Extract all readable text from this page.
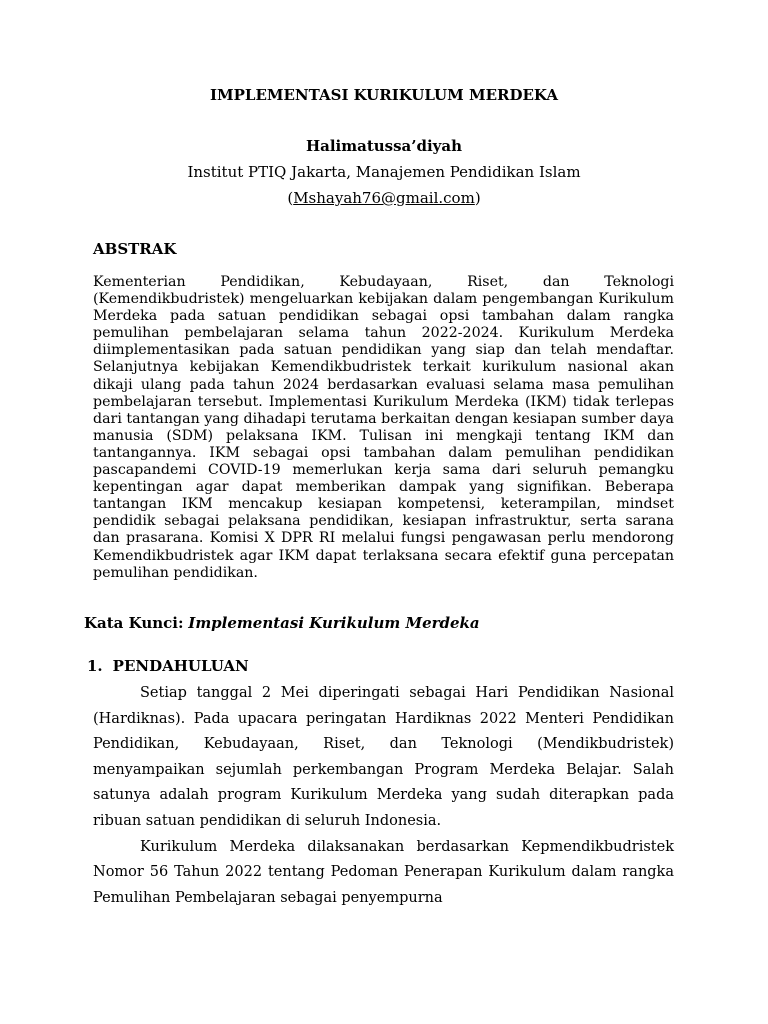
IMPLEMENTASI KURIKULUM MERDEKA
Halimatussa’diyah
Institut PTIQ Jakarta, Manajemen Pendidikan Islam
(Mshayah76@gmail.com)
ABSTRAK

Kementerian Pendidikan, Kebudayaan, Riset, dan Teknologi (Kemendikbudristek) mengeluarkan kebijakan dalam pengembangan Kurikulum Merdeka pada satuan pendidikan sebagai opsi tambahan dalam rangka pemulihan pembelajaran selama tahun 2022-2024. Kurikulum Merdeka diimplementasikan pada satuan pendidikan yang siap dan telah mendaftar. Selanjutnya kebijakan Kemendikbudristek terkait kurikulum nasional akan dikaji ulang pada tahun 2024 berdasarkan evaluasi selama masa pemulihan pembelajaran tersebut. Implementasi Kurikulum Merdeka (IKM) tidak terlepas dari tantangan yang dihadapi terutama berkaitan dengan kesiapan sumber daya manusia (SDM) pelaksana IKM. Tulisan ini mengkaji tentang IKM dan tantangannya. IKM sebagai opsi tambahan dalam pemulihan pendidikan pascapandemi COVID-19 memerlukan kerja sama dari seluruh pemangku kepentingan agar dapat memberikan dampak yang signifikan. Beberapa tantangan IKM mencakup kesiapan kompetensi, keterampilan, mindset pendidik sebagai pelaksana pendidikan, kesiapan infrastruktur, serta sarana dan prasarana. Komisi X DPR RI melalui fungsi pengawasan perlu mendorong Kemendikbudristek agar IKM dapat terlaksana secara efektif guna percepatan pemulihan pendidikan.

Kata Kunci: Implementasi Kurikulum Merdeka
1. PENDAHULUAN

Setiap tanggal 2 Mei diperingati sebagai Hari Pendidikan Nasional (Hardiknas). Pada upacara peringatan Hardiknas 2022 Menteri Pendidikan Pendidikan, Kebudayaan, Riset, dan Teknologi (Mendikbudristek) menyampaikan sejumlah perkembangan Program Merdeka Belajar. Salah satunya adalah program Kurikulum Merdeka yang sudah diterapkan pada ribuan satuan pendidikan di seluruh Indonesia.

Kurikulum Merdeka dilaksanakan berdasarkan Kepmendikbudristek Nomor 56 Tahun 2022 tentang Pedoman Penerapan Kurikulum dalam rangka Pemulihan Pembelajaran sebagai penyempurna
